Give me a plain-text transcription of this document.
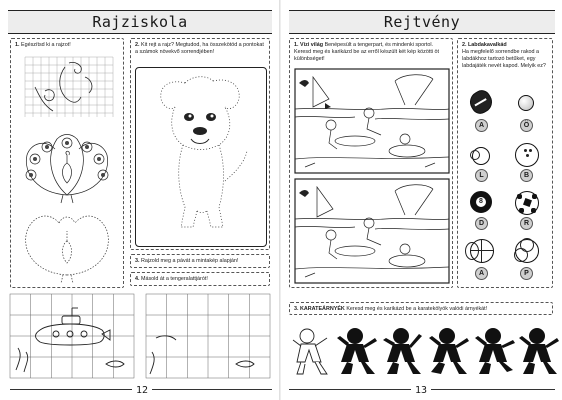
Rajziskola
1. Egészítsd ki a rajzot!	2. Kit rejt a rajz? Megtudod, ha összekötöd a pontokat a számok növekvő sorrendjében!
3. Rajzold meg a pávát a mintakép alapján!
4. Másold át a tengeralattjárót!
12
Rejtvény
1. Vízi világ Benépesült a tengerpart, és mindenki sportol. Keresd meg és karikázd be az erről készült két kép közötti öt különbséget!
2. Labdakavalkád
Ha megfelelő sorrendbe rakod a labdákhoz tartozó betűket, egy labdajáték nevét kapod. Melyik ez?
A	Ö
L	B
8
D	R
A	P
3. KARATEÁRNYÉK Keresd meg és karikázd be a karatekölyök valódi árnyékát!
13
